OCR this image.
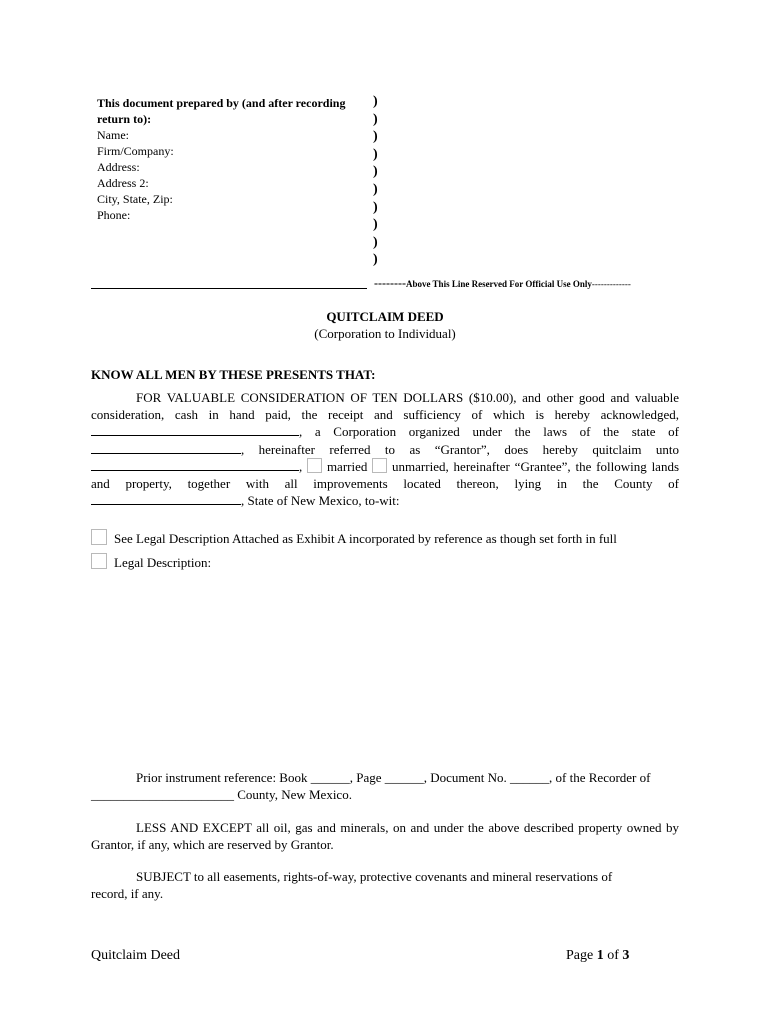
This document prepared by (and after recording return to):
Name:
Firm/Company:
Address:
Address 2:
City, State, Zip:
Phone:
)
)
)
)
)
)
)
)
)
)
--------Above This Line Reserved For Official Use Only-------------
QUITCLAIM DEED
(Corporation to Individual)
KNOW ALL MEN BY THESE PRESENTS THAT:
FOR VALUABLE CONSIDERATION OF TEN DOLLARS ($10.00), and other good and valuable consideration, cash in hand paid, the receipt and sufficiency of which is hereby acknowledged, , a Corporation organized under the laws of the state of , hereinafter referred to as “Grantor”, does hereby quitclaim unto , married unmarried, hereinafter “Grantee”, the following lands and property, together with all improvements located thereon, lying in the County of , State of New Mexico, to-wit:
See Legal Description Attached as Exhibit A incorporated by reference as though set forth in full
Legal Description:
Prior instrument reference: Book ______, Page ______, Document No. ______, of the Recorder of
______________________ County, New Mexico.
LESS AND EXCEPT all oil, gas and minerals, on and under the above described property owned by Grantor, if any, which are reserved by Grantor.
SUBJECT to all easements, rights-of-way, protective covenants and mineral reservations of record, if any.
Quitclaim Deed	Page 1 of 3
